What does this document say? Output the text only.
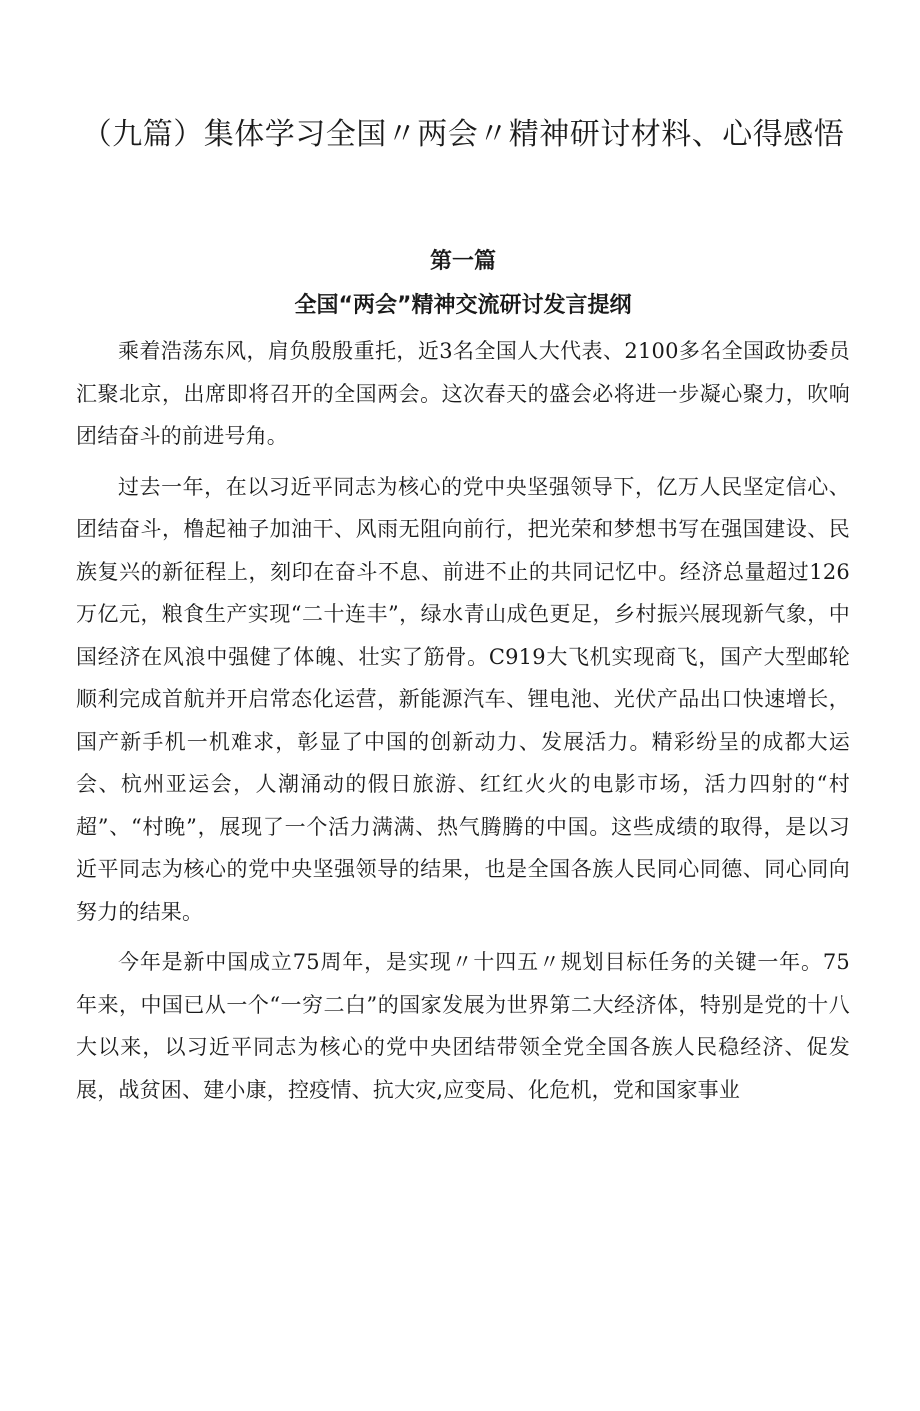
（九篇）集体学习全国〃两会〃精神研讨材料、心得感悟
第一篇
全国“两会”精神交流研讨发言提纲

乘着浩荡东风，肩负殷殷重托，近3名全国人大代表、2100多名全国政协委员汇聚北京，出席即将召开的全国两会。这次春天的盛会必将进一步凝心聚力，吹响团结奋斗的前进号角。

过去一年，在以习近平同志为核心的党中央坚强领导下，亿万人民坚定信心、团结奋斗，橹起袖子加油干、风雨无阻向前行，把光荣和梦想书写在强国建设、民族复兴的新征程上，刻印在奋斗不息、前进不止的共同记忆中。经济总量超过126万亿元，粮食生产实现“二十连丰”，绿水青山成色更足，乡村振兴展现新气象，中国经济在风浪中强健了体魄、壮实了筋骨。C919大飞机实现商飞，国产大型邮轮顺利完成首航并开启常态化运营，新能源汽车、锂电池、光伏产品出口快速增长，国产新手机一机难求，彰显了中国的创新动力、发展活力。精彩纷呈的成都大运会、杭州亚运会，人潮涌动的假日旅游、红红火火的电影市场，活力四射的“村超”、“村晚”，展现了一个活力满满、热气腾腾的中国。这些成绩的取得，是以习近平同志为核心的党中央坚强领导的结果，也是全国各族人民同心同德、同心同向努力的结果。

今年是新中国成立75周年，是实现〃十四五〃规划目标任务的关键一年。75年来，中国已从一个“一穷二白”的国家发展为世界第二大经济体，特别是党的十八大以来，以习近平同志为核心的党中央团结带领全党全国各族人民稳经济、促发展，战贫困、建小康，控疫情、抗大灾,应变局、化危机，党和国家事业
